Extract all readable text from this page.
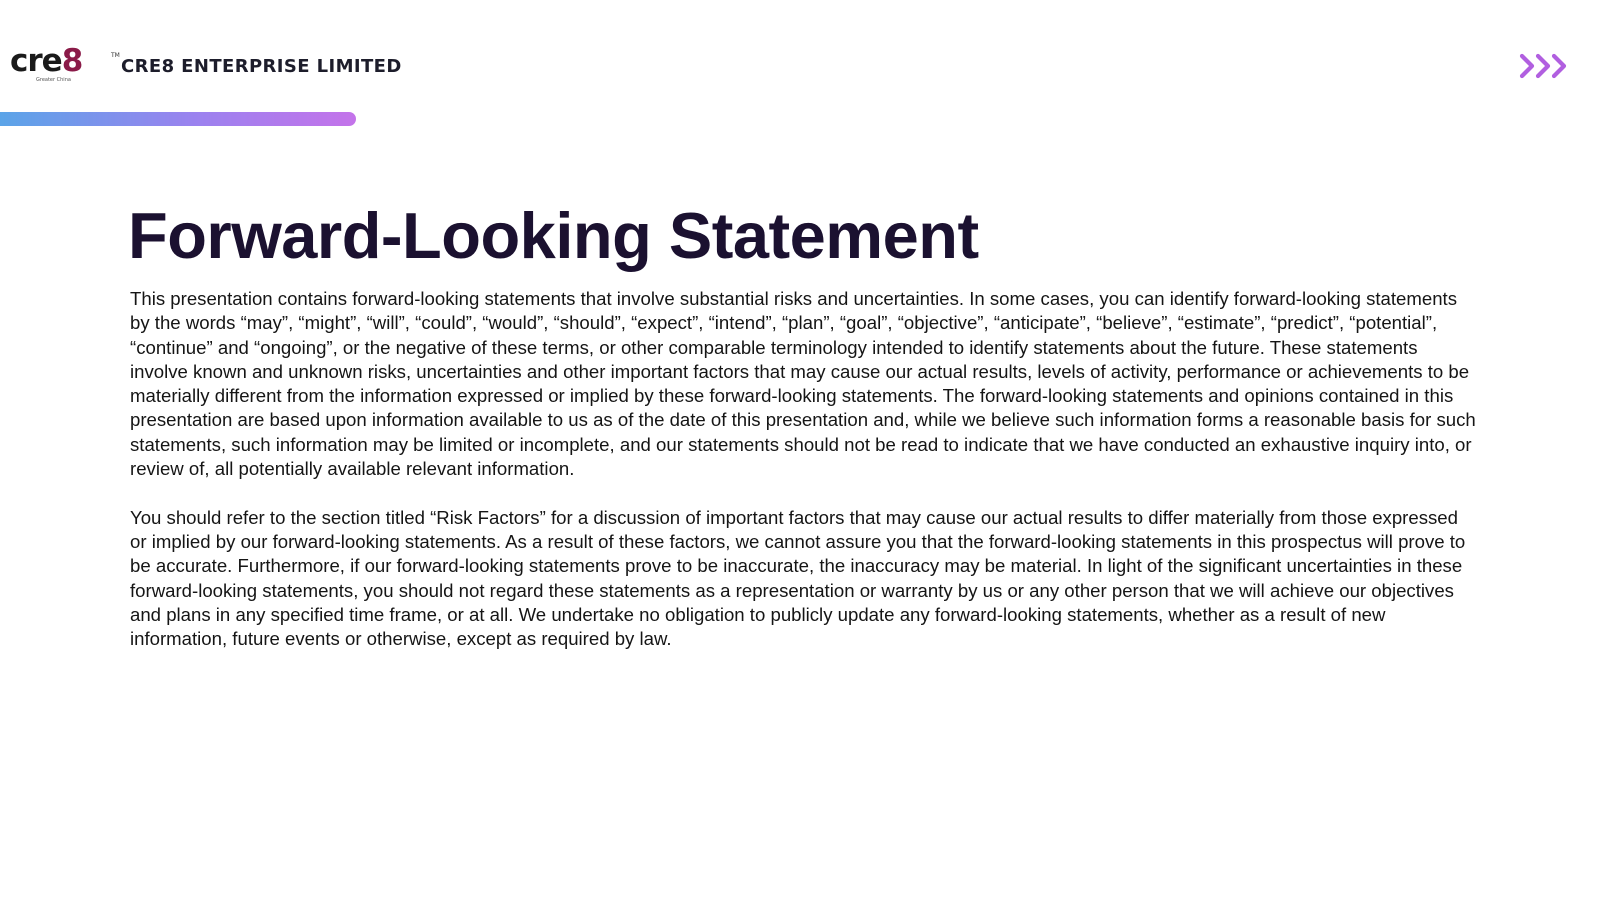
cre8	TM
Greater China
CRE8 ENTERPRISE LIMITED
Forward-Looking Statement

This presentation contains forward-looking statements that involve substantial risks and uncertainties. In some cases, you can identify forward-looking statements by the words “may”, “might”, “will”, “could”, “would”, “should”, “expect”, “intend”, “plan”, “goal”, “objective”, “anticipate”, “believe”, “estimate”, “predict”, “potential”, “continue” and “ongoing”, or the negative of these terms, or other comparable terminology intended to identify statements about the future. These statements involve known and unknown risks, uncertainties and other important factors that may cause our actual results, levels of activity, performance or achievements to be materially different from the information expressed or implied by these forward-looking statements. The forward-looking statements and opinions contained in this presentation are based upon information available to us as of the date of this presentation and, while we believe such information forms a reasonable basis for such statements, such information may be limited or incomplete, and our statements should not be read to indicate that we have conducted an exhaustive inquiry into, or review of, all potentially available relevant information.

You should refer to the section titled “Risk Factors” for a discussion of important factors that may cause our actual results to differ materially from those expressed or implied by our forward-looking statements. As a result of these factors, we cannot assure you that the forward-looking statements in this prospectus will prove to be accurate. Furthermore, if our forward-looking statements prove to be inaccurate, the inaccuracy may be material. In light of the significant uncertainties in these forward-looking statements, you should not regard these statements as a representation or warranty by us or any other person that we will achieve our objectives and plans in any specified time frame, or at all. We undertake no obligation to publicly update any forward-looking statements, whether as a result of new information, future events or otherwise, except as required by law.
